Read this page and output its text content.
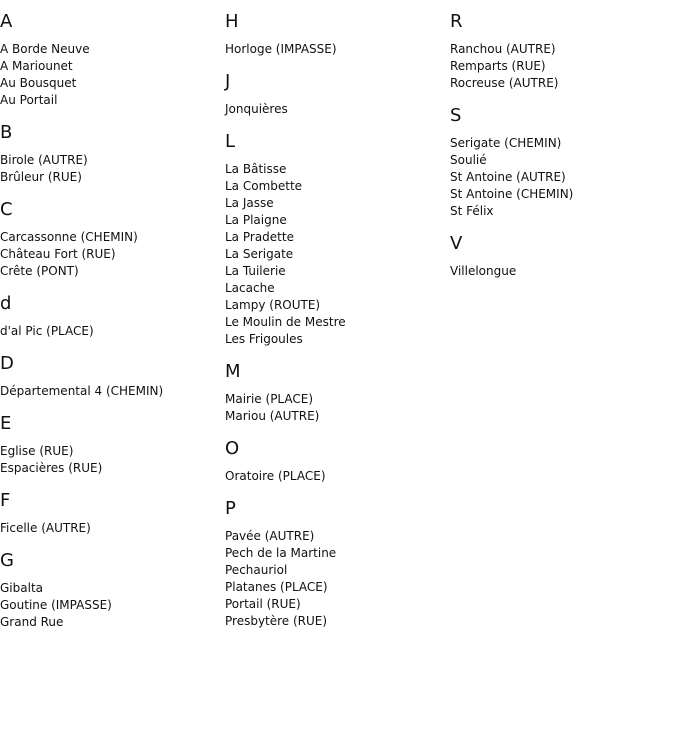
A
A Borde Neuve
A Mariounet
Au Bousquet
Au Portail
B
Birole (AUTRE)
Brûleur (RUE)
C
Carcassonne (CHEMIN)
Château Fort (RUE)
Crête (PONT)
d
d'al Pic (PLACE)
D
Départemental 4 (CHEMIN)
E
Eglise (RUE)
Espacières (RUE)
F
Ficelle (AUTRE)
G
Gibalta
Goutine (IMPASSE)
Grand Rue
H
Horloge (IMPASSE)
J
Jonquières
L
La Bâtisse
La Combette
La Jasse
La Plaigne
La Pradette
La Serigate
La Tuilerie
Lacache
Lampy (ROUTE)
Le Moulin de Mestre
Les Frigoules
M
Mairie (PLACE)
Mariou (AUTRE)
O
Oratoire (PLACE)
P
Pavée (AUTRE)
Pech de la Martine
Pechauriol
Platanes (PLACE)
Portail (RUE)
Presbytère (RUE)
R
Ranchou (AUTRE)
Remparts (RUE)
Rocreuse (AUTRE)
S
Serigate (CHEMIN)
Soulié
St Antoine (AUTRE)
St Antoine (CHEMIN)
St Félix
V
Villelongue
